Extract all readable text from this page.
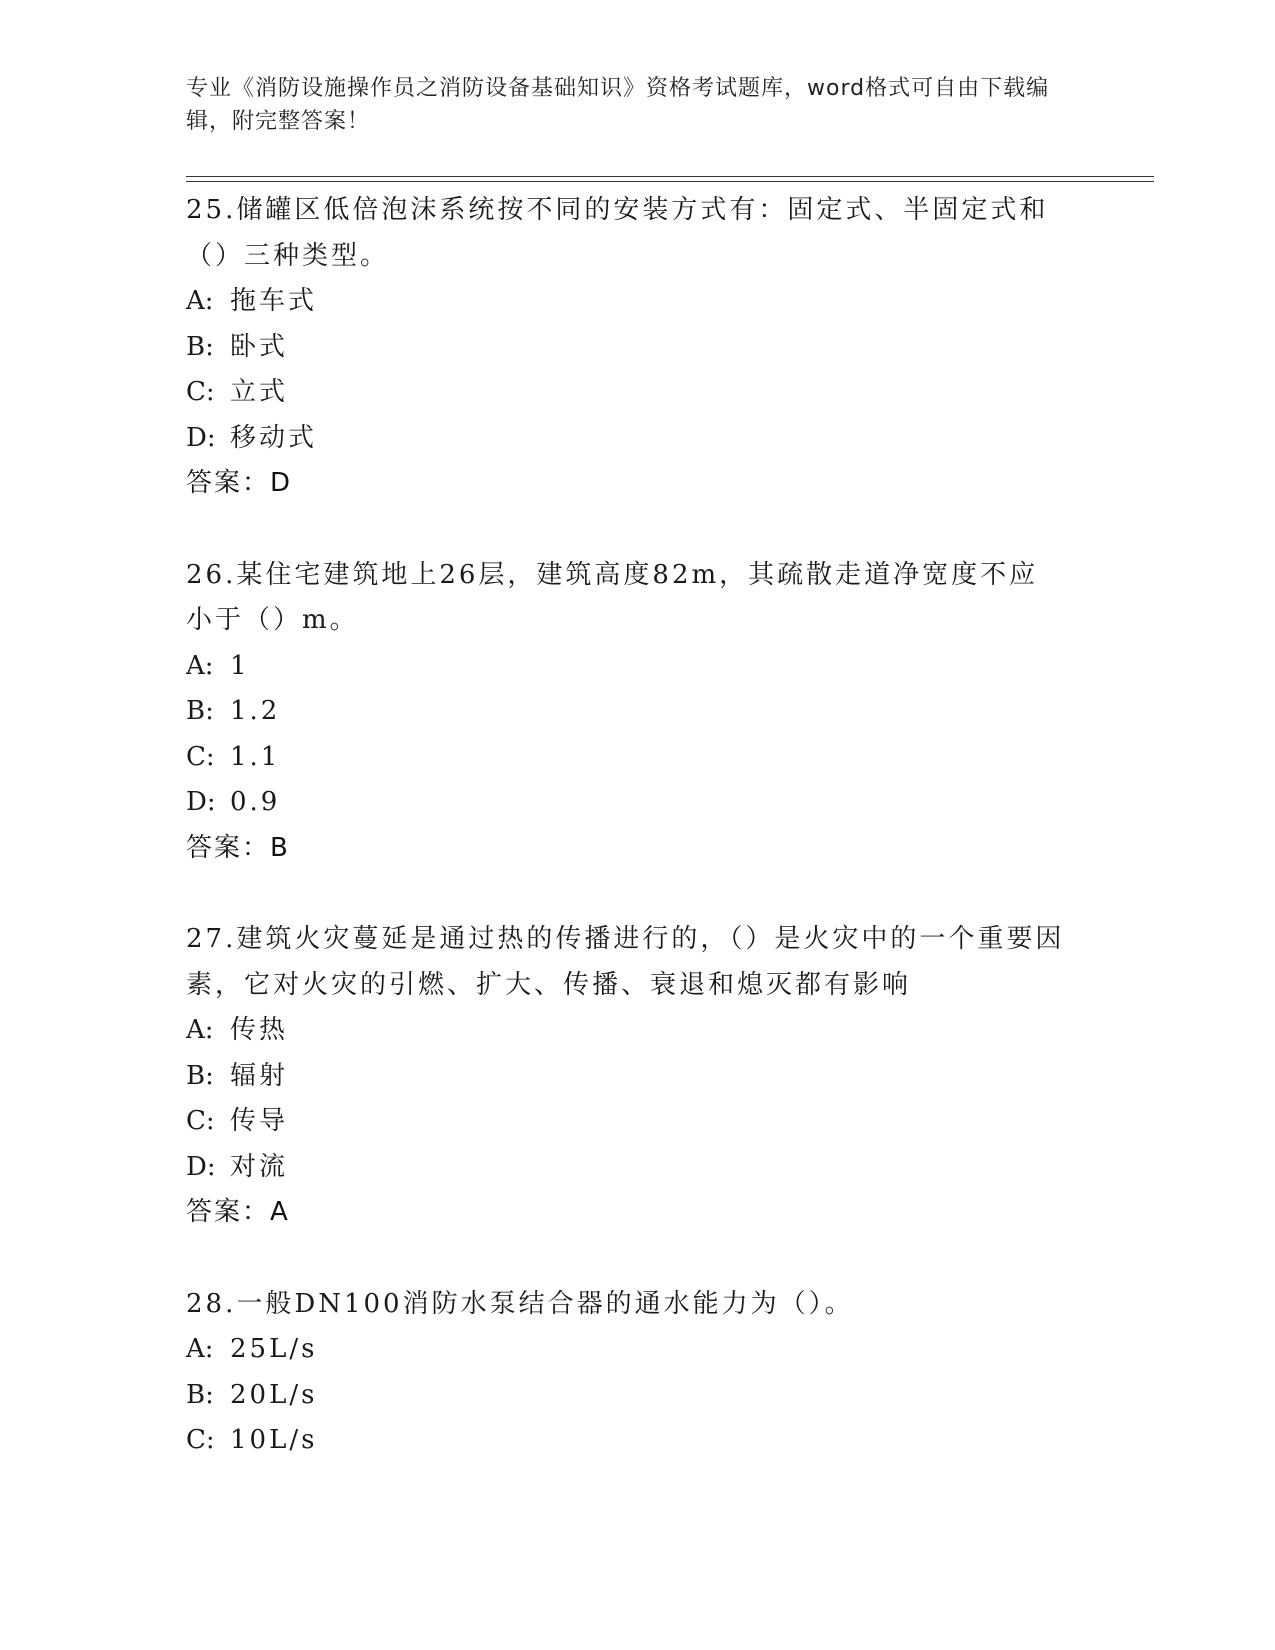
专业《消防设施操作员之消防设备基础知识》资格考试题库，word格式可自由下载编辑，附完整答案！
25.储罐区低倍泡沫系统按不同的安装方式有：固定式、半固定式和（）三种类型。
A: 拖车式
B: 卧式
C: 立式
D: 移动式
答案：D
26.某住宅建筑地上26层，建筑高度82m，其疏散走道净宽度不应小于（）m。
A: 1
B: 1.2
C: 1.1
D: 0.9
答案：B
27.建筑火灾蔓延是通过热的传播进行的，（）是火灾中的一个重要因素，它对火灾的引燃、扩大、传播、衰退和熄灭都有影响
A: 传热
B: 辐射
C: 传导
D: 对流
答案：A
28.一般DN100消防水泵结合器的通水能力为（）。
A: 25L/s
B: 20L/s
C: 10L/s
